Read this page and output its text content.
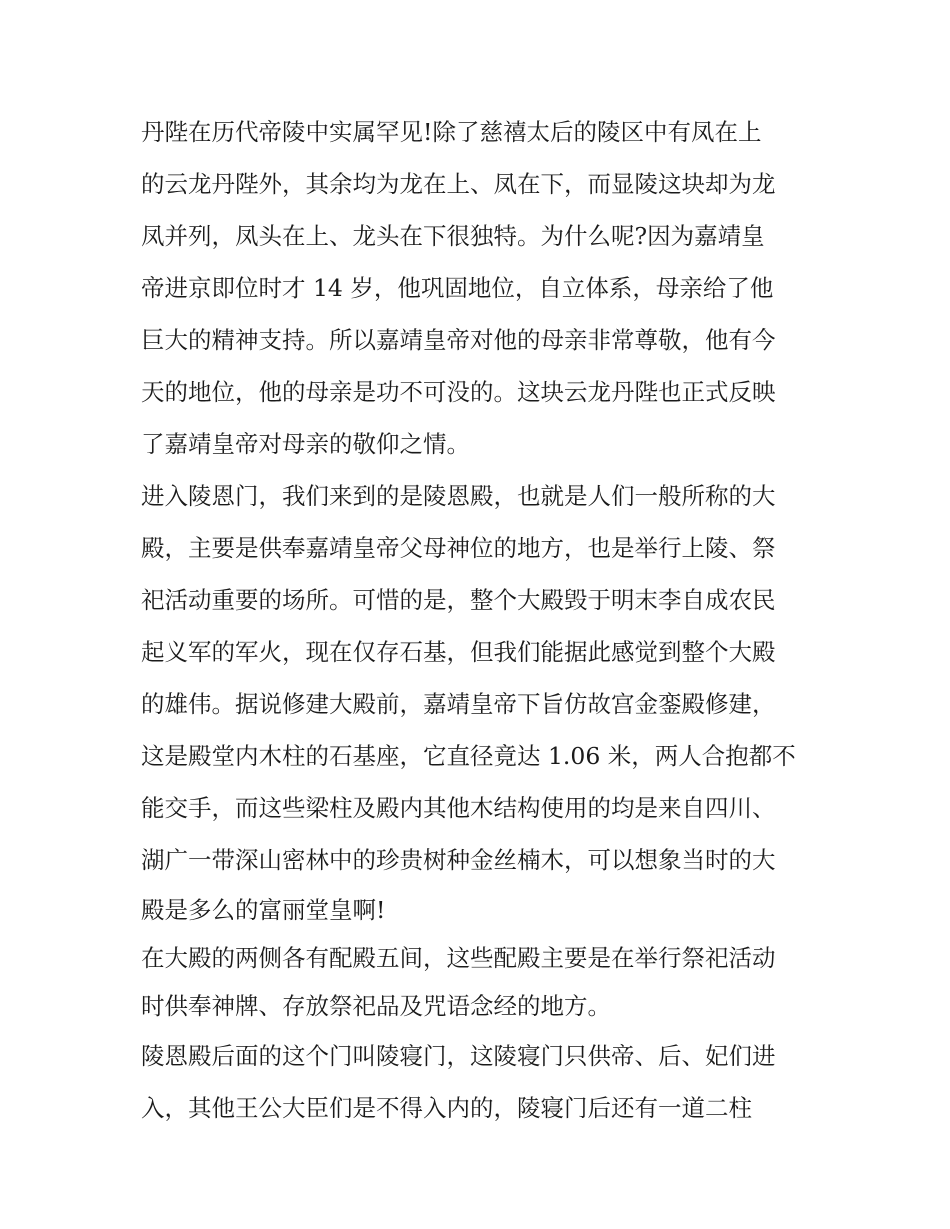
丹陛在历代帝陵中实属罕见!除了慈禧太后的陵区中有凤在上
的云龙丹陛外，其余均为龙在上、凤在下，而显陵这块却为龙
凤并列，凤头在上、龙头在下很独特。为什么呢?因为嘉靖皇
帝进京即位时才 14 岁，他巩固地位，自立体系，母亲给了他
巨大的精神支持。所以嘉靖皇帝对他的母亲非常尊敬，他有今
天的地位，他的母亲是功不可没的。这块云龙丹陛也正式反映
了嘉靖皇帝对母亲的敬仰之情。
进入陵恩门，我们来到的是陵恩殿，也就是人们一般所称的大
殿，主要是供奉嘉靖皇帝父母神位的地方，也是举行上陵、祭
祀活动重要的场所。可惜的是，整个大殿毁于明末李自成农民
起义军的军火，现在仅存石基，但我们能据此感觉到整个大殿
的雄伟。据说修建大殿前，嘉靖皇帝下旨仿故宫金銮殿修建，
这是殿堂内木柱的石基座，它直径竟达 1.06 米，两人合抱都不
能交手，而这些梁柱及殿内其他木结构使用的均是来自四川、
湖广一带深山密林中的珍贵树种金丝楠木，可以想象当时的大
殿是多么的富丽堂皇啊!
在大殿的两侧各有配殿五间，这些配殿主要是在举行祭祀活动
时供奉神牌、存放祭祀品及咒语念经的地方。
陵恩殿后面的这个门叫陵寝门，这陵寝门只供帝、后、妃们进
入，其他王公大臣们是不得入内的，陵寝门后还有一道二柱
